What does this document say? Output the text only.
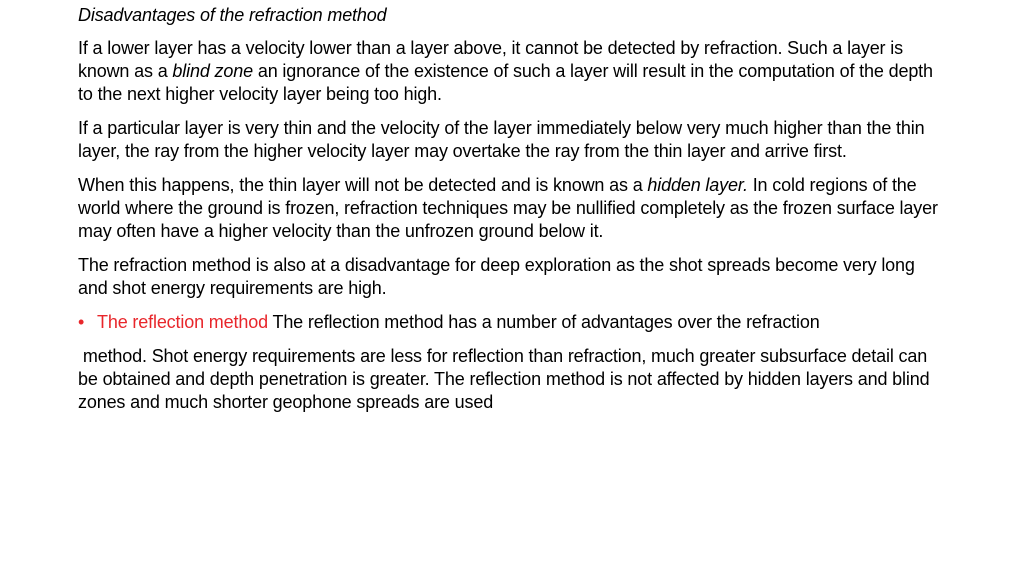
Disadvantages of the refraction method

If a lower layer has a velocity lower than a layer above, it cannot be detected by refraction. Such a layer is known as a blind zone an ignorance of the existence of such a layer will result in the computation of the depth to the next higher velocity layer being too high.

If a particular layer is very thin and the velocity of the layer immediately below very much higher than the thin layer, the ray from the higher velocity layer may overtake the ray from the thin layer and arrive first.

When this happens, the thin layer will not be detected and is known as a hidden layer. In cold regions of the world where the ground is frozen, refraction techniques may be nullified completely as the frozen surface layer may often have a higher velocity than the unfrozen ground below it.

The refraction method is also at a disadvantage for deep exploration as the shot spreads become very long and shot energy requirements are high.

• The reflection method The reflection method has a number of advantages over the refraction

method. Shot energy requirements are less for reflection than refraction, much greater subsurface detail can be obtained and depth penetration is greater. The reflection method is not affected by hidden layers and blind zones and much shorter geophone spreads are used
